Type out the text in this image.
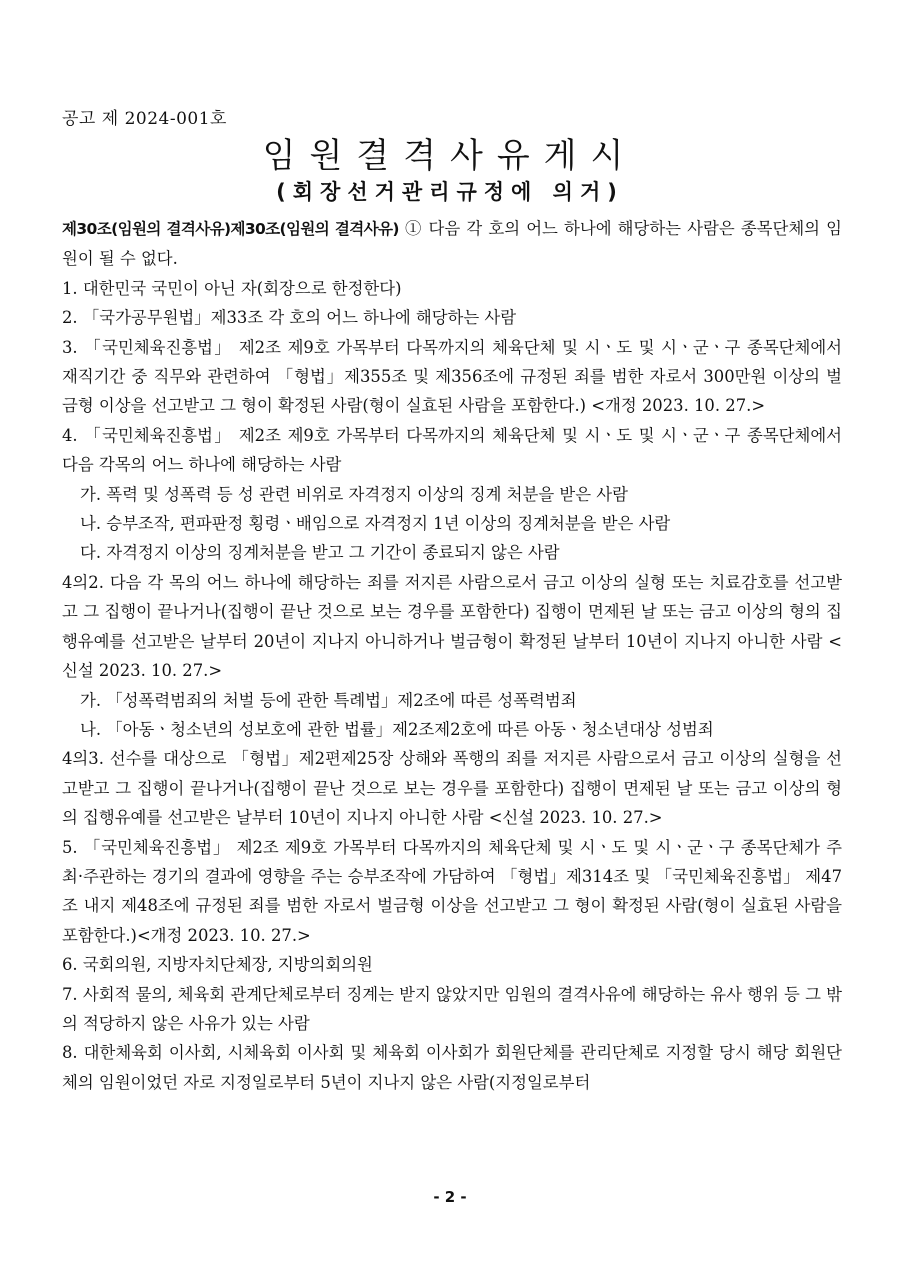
공고 제 2024-001호
임원결격사유게시
(회장선거관리규정에 의거)

제30조(임원의 결격사유)제30조(임원의 결격사유) ① 다음 각 호의 어느 하나에 해당하는 사람은 종목단체의 임원이 될 수 없다.

1. 대한민국 국민이 아닌 자(회장으로 한정한다)

2. 「국가공무원법」제33조 각 호의 어느 하나에 해당하는 사람

3. 「국민체육진흥법」 제2조 제9호 가목부터 다목까지의 체육단체 및 시ㆍ도 및 시ㆍ군ㆍ구 종목단체에서 재직기간 중 직무와 관련하여 「형법」제355조 및 제356조에 규정된 죄를 범한 자로서 300만원 이상의 벌금형 이상을 선고받고 그 형이 확정된 사람(형이 실효된 사람을 포함한다.) <개정 2023. 10. 27.>

4. 「국민체육진흥법」 제2조 제9호 가목부터 다목까지의 체육단체 및 시ㆍ도 및 시ㆍ군ㆍ구 종목단체에서 다음 각목의 어느 하나에 해당하는 사람

가. 폭력 및 성폭력 등 성 관련 비위로 자격정지 이상의 징계 처분을 받은 사람

나. 승부조작, 편파판정 횡령ㆍ배임으로 자격정지 1년 이상의 징계처분을 받은 사람

다. 자격정지 이상의 징계처분을 받고 그 기간이 종료되지 않은 사람

4의2. 다음 각 목의 어느 하나에 해당하는 죄를 저지른 사람으로서 금고 이상의 실형 또는 치료감호를 선고받고 그 집행이 끝나거나(집행이 끝난 것으로 보는 경우를 포함한다) 집행이 면제된 날 또는 금고 이상의 형의 집행유예를 선고받은 날부터 20년이 지나지 아니하거나 벌금형이 확정된 날부터 10년이 지나지 아니한 사람 <신설 2023. 10. 27.>

가. 「성폭력범죄의 처벌 등에 관한 특례법」제2조에 따른 성폭력범죄

나. 「아동ㆍ청소년의 성보호에 관한 법률」제2조제2호에 따른 아동ㆍ청소년대상 성범죄

4의3. 선수를 대상으로 「형법」제2편제25장 상해와 폭행의 죄를 저지른 사람으로서 금고 이상의 실형을 선고받고 그 집행이 끝나거나(집행이 끝난 것으로 보는 경우를 포함한다) 집행이 면제된 날 또는 금고 이상의 형의 집행유예를 선고받은 날부터 10년이 지나지 아니한 사람 <신설 2023. 10. 27.>

5. 「국민체육진흥법」 제2조 제9호 가목부터 다목까지의 체육단체 및 시ㆍ도 및 시ㆍ군ㆍ구 종목단체가 주최·주관하는 경기의 결과에 영향을 주는 승부조작에 가담하여 「형법」제314조 및 「국민체육진흥법」 제47조 내지 제48조에 규정된 죄를 범한 자로서 벌금형 이상을 선고받고 그 형이 확정된 사람(형이 실효된 사람을 포함한다.)<개정 2023. 10. 27.>

6. 국회의원, 지방자치단체장, 지방의회의원

7. 사회적 물의, 체육회 관계단체로부터 징계는 받지 않았지만 임원의 결격사유에 해당하는 유사 행위 등 그 밖의 적당하지 않은 사유가 있는 사람

8. 대한체육회 이사회, 시체육회 이사회 및 체육회 이사회가 회원단체를 관리단체로 지정할 당시 해당 회원단체의 임원이었던 자로 지정일로부터 5년이 지나지 않은 사람(지정일로부터

- 2 -
